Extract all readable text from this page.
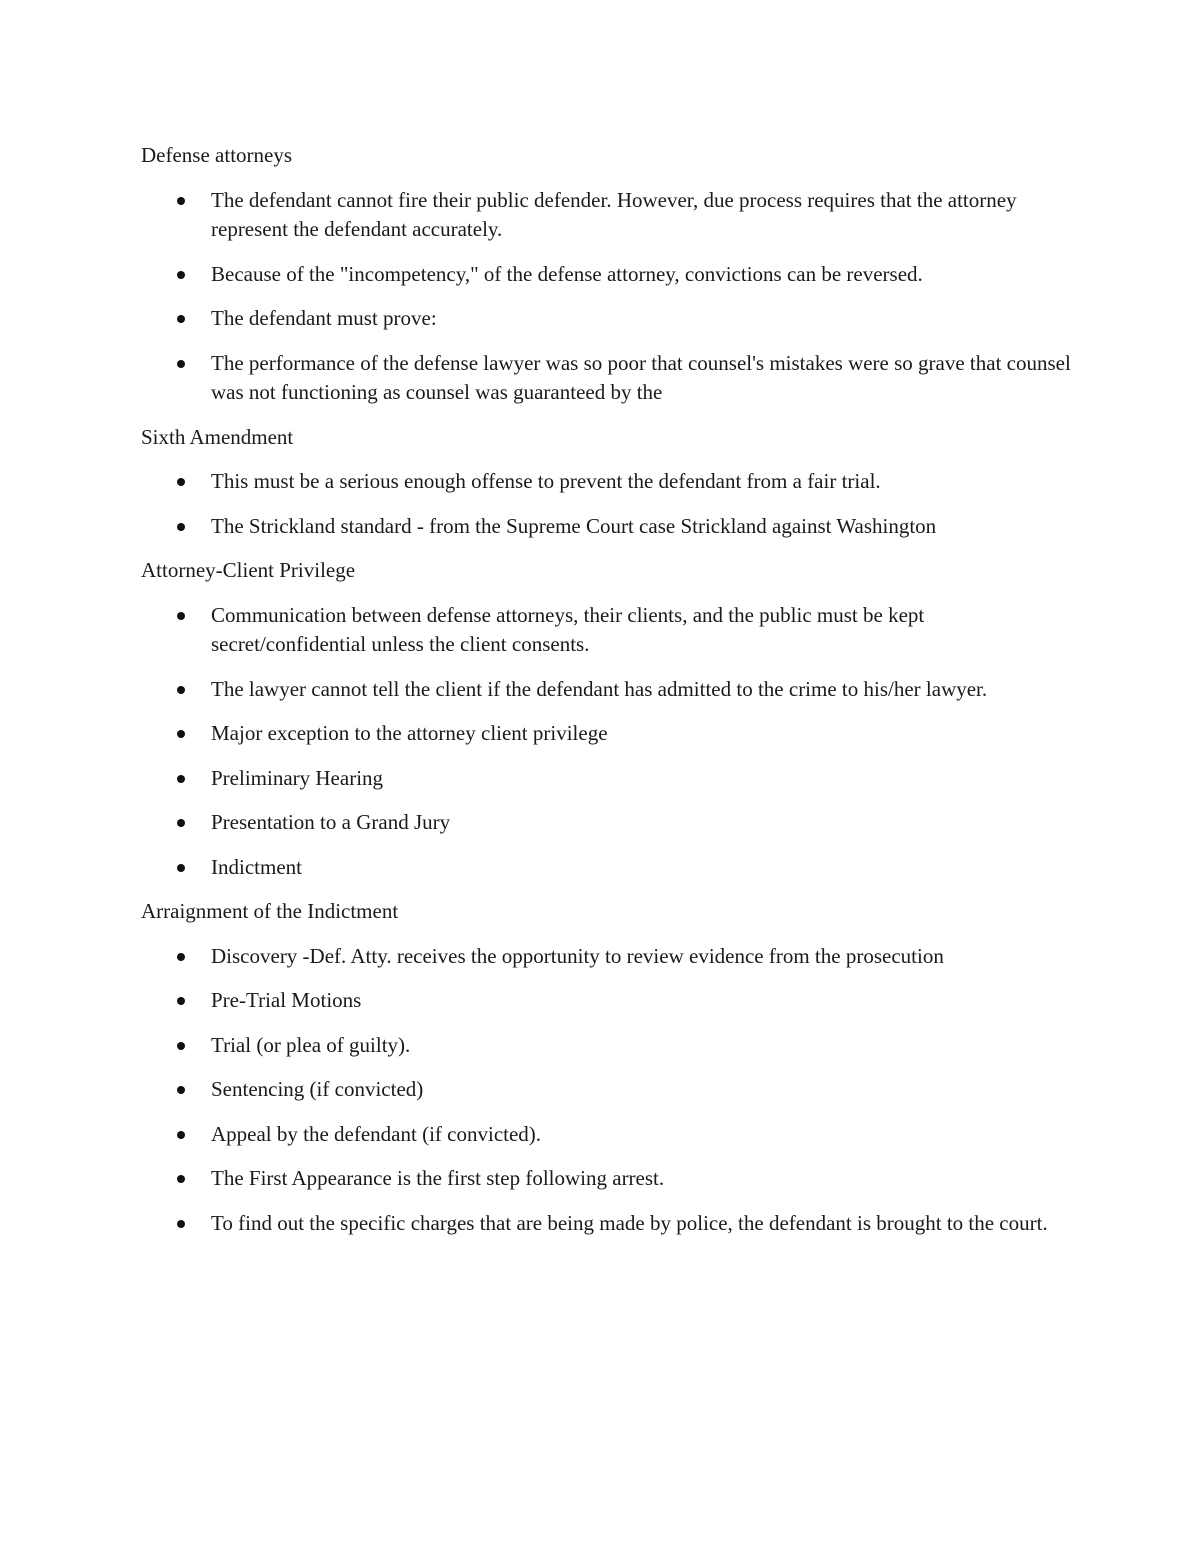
Defense attorneys

The defendant cannot fire their public defender. However, due process requires that the attorney represent the defendant accurately.
Because of the "incompetency," of the defense attorney, convictions can be reversed.
The defendant must prove:
The performance of the defense lawyer was so poor that counsel's mistakes were so grave that counsel was not functioning as counsel was guaranteed by the

Sixth Amendment

This must be a serious enough offense to prevent the defendant from a fair trial.
The Strickland standard - from the Supreme Court case Strickland against Washington

Attorney-Client Privilege

Communication between defense attorneys, their clients, and the public must be kept secret/confidential unless the client consents.
The lawyer cannot tell the client if the defendant has admitted to the crime to his/her lawyer.
Major exception to the attorney client privilege
Preliminary Hearing
Presentation to a Grand Jury
Indictment

Arraignment of the Indictment

Discovery -Def. Atty. receives the opportunity to review evidence from the prosecution
Pre-Trial Motions
Trial (or plea of guilty).
Sentencing (if convicted)
Appeal by the defendant (if convicted).
The First Appearance is the first step following arrest.
To find out the specific charges that are being made by police, the defendant is brought to the court.
